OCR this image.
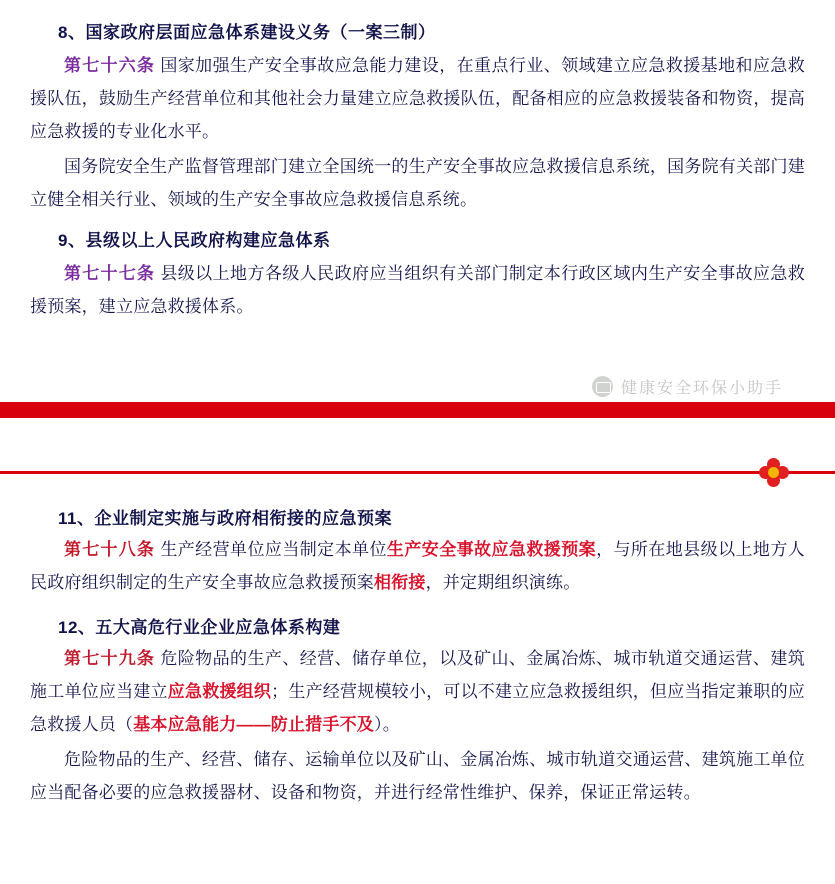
8、国家政府层面应急体系建设义务（一案三制）

第七十六条 国家加强生产安全事故应急能力建设，在重点行业、领域建立应急救援基地和应急救援队伍，鼓励生产经营单位和其他社会力量建立应急救援队伍，配备相应的应急救援装备和物资，提高应急救援的专业化水平。

国务院安全生产监督管理部门建立全国统一的生产安全事故应急救援信息系统，国务院有关部门建立健全相关行业、领域的生产安全事故应急救援信息系统。

9、县级以上人民政府构建应急体系

第七十七条 县级以上地方各级人民政府应当组织有关部门制定本行政区域内生产安全事故应急救援预案，建立应急救援体系。

健康安全环保小助手
11、企业制定实施与政府相衔接的应急预案

第七十八条 生产经营单位应当制定本单位生产安全事故应急救援预案，与所在地县级以上地方人民政府组织制定的生产安全事故应急救援预案相衔接，并定期组织演练。

12、五大高危行业企业应急体系构建

第七十九条 危险物品的生产、经营、储存单位，以及矿山、金属冶炼、城市轨道交通运营、建筑施工单位应当建立应急救援组织；生产经营规模较小，可以不建立应急救援组织，但应当指定兼职的应急救援人员（基本应急能力——防止措手不及）。

危险物品的生产、经营、储存、运输单位以及矿山、金属冶炼、城市轨道交通运营、建筑施工单位应当配备必要的应急救援器材、设备和物资，并进行经常性维护、保养，保证正常运转。
